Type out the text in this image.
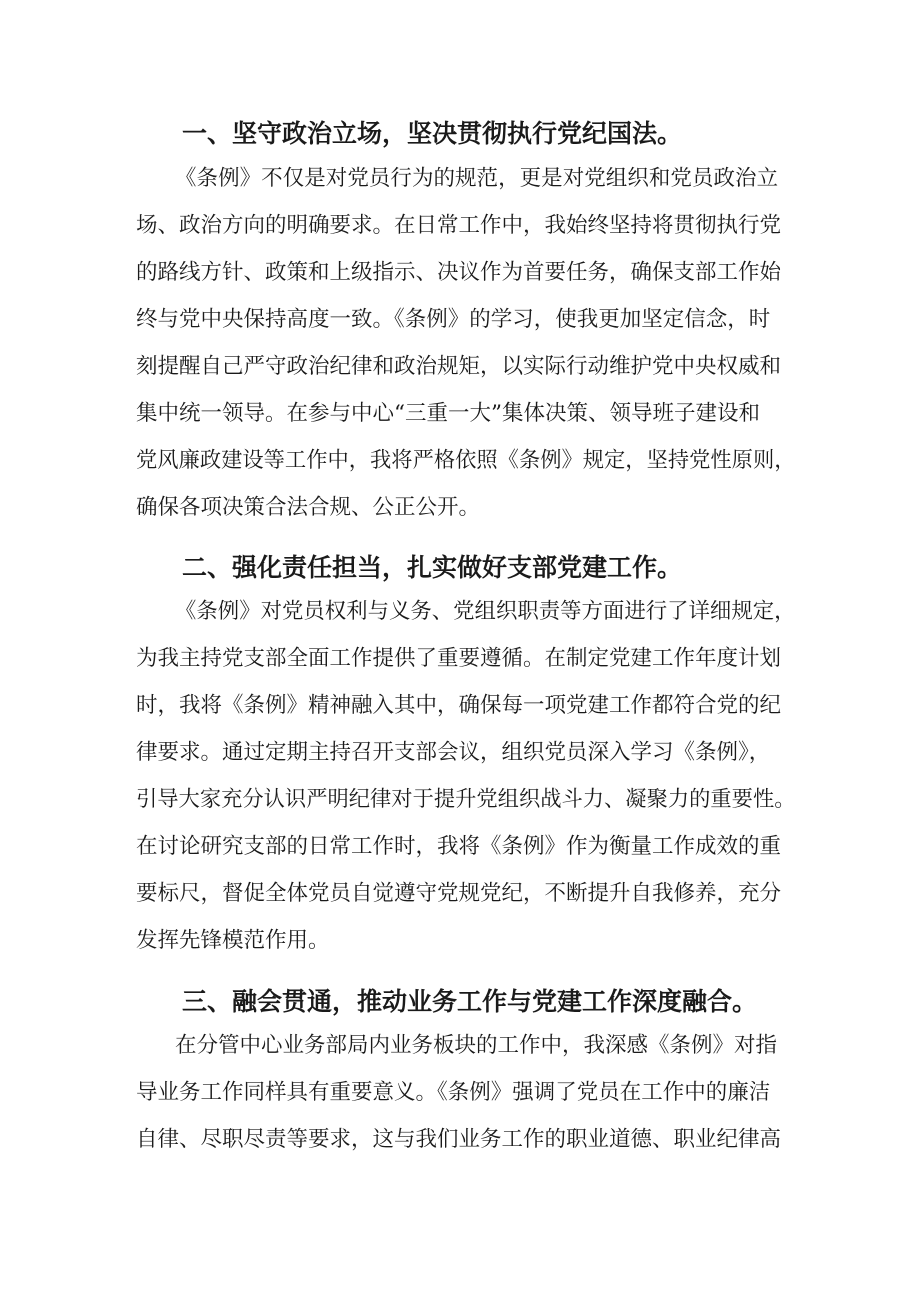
一、坚守政治立场，坚决贯彻执行党纪国法。
《条例》不仅是对党员行为的规范，更是对党组织和党员政治立
场、政治方向的明确要求。在日常工作中，我始终坚持将贯彻执行党
的路线方针、政策和上级指示、决议作为首要任务，确保支部工作始
终与党中央保持高度一致。《条例》的学习，使我更加坚定信念，时
刻提醒自己严守政治纪律和政治规矩，以实际行动维护党中央权威和
集中统一领导。在参与中心“三重一大”集体决策、领导班子建设和
党风廉政建设等工作中，我将严格依照《条例》规定，坚持党性原则，
确保各项决策合法合规、公正公开。
二、强化责任担当，扎实做好支部党建工作。
《条例》对党员权利与义务、党组织职责等方面进行了详细规定，
为我主持党支部全面工作提供了重要遵循。在制定党建工作年度计划
时，我将《条例》精神融入其中，确保每一项党建工作都符合党的纪
律要求。通过定期主持召开支部会议，组织党员深入学习《条例》，
引导大家充分认识严明纪律对于提升党组织战斗力、凝聚力的重要性。
在讨论研究支部的日常工作时，我将《条例》作为衡量工作成效的重
要标尺，督促全体党员自觉遵守党规党纪，不断提升自我修养，充分
发挥先锋模范作用。
三、融会贯通，推动业务工作与党建工作深度融合。
在分管中心业务部局内业务板块的工作中，我深感《条例》对指
导业务工作同样具有重要意义。《条例》强调了党员在工作中的廉洁
自律、尽职尽责等要求，这与我们业务工作的职业道德、职业纪律高
